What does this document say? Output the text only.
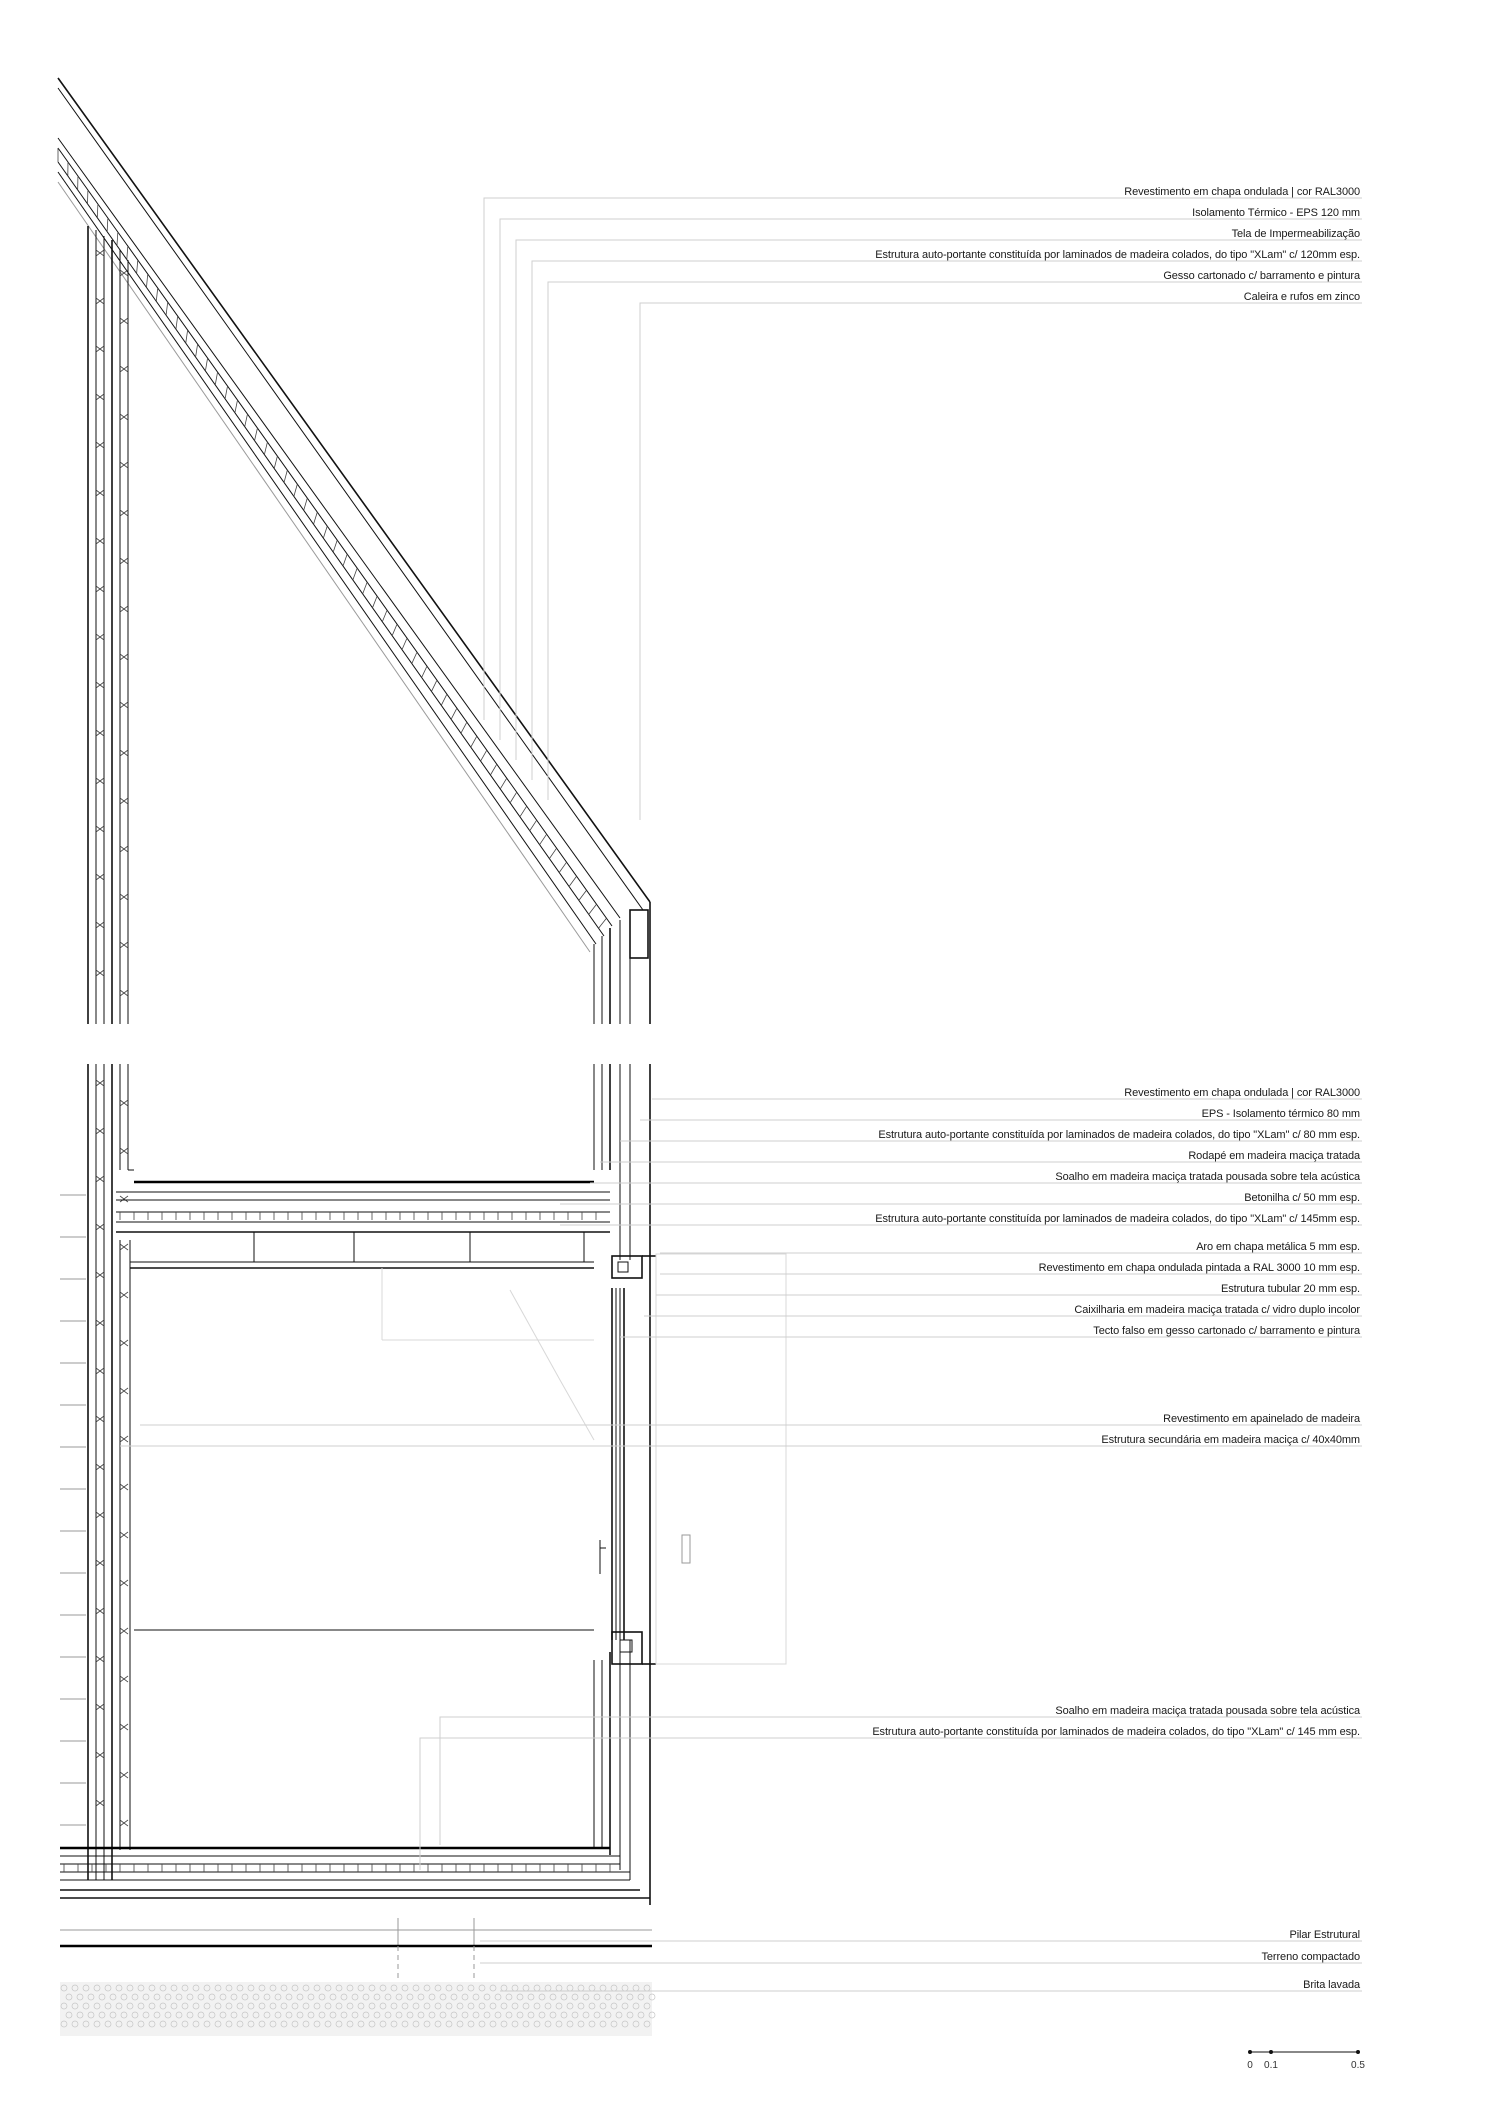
Revestimento em chapa ondulada | cor RAL3000
Isolamento Térmico - EPS 120 mm
Tela de Impermeabilização
Estrutura auto-portante constituída por laminados de madeira colados, do tipo "XLam" c/ 120mm esp.
Gesso cartonado c/ barramento e pintura
Caleira e rufos em zinco
Revestimento em chapa ondulada | cor RAL3000
EPS - Isolamento térmico 80 mm
Estrutura auto-portante constituída por laminados de madeira colados, do tipo "XLam" c/ 80 mm esp.
Rodapé em madeira maciça tratada
Soalho em madeira maciça tratada pousada sobre tela acústica
Betonilha c/ 50 mm esp.
Estrutura auto-portante constituída por laminados de madeira colados, do tipo "XLam" c/ 145mm esp.
Aro em chapa metálica 5 mm esp.
Revestimento em chapa ondulada pintada a RAL 3000 10 mm esp.
Estrutura tubular 20 mm esp.
Caixilharia em madeira maciça tratada c/ vidro duplo incolor
Tecto falso em gesso cartonado c/ barramento e pintura
Revestimento em apainelado de madeira
Estrutura secundária em madeira maciça c/ 40x40mm
Soalho em madeira maciça tratada pousada sobre tela acústica
Estrutura auto-portante constituída por laminados de madeira colados, do tipo "XLam" c/ 145 mm esp.
Pilar Estrutural
Terreno compactado
Brita lavada
0 0.1	0.5
